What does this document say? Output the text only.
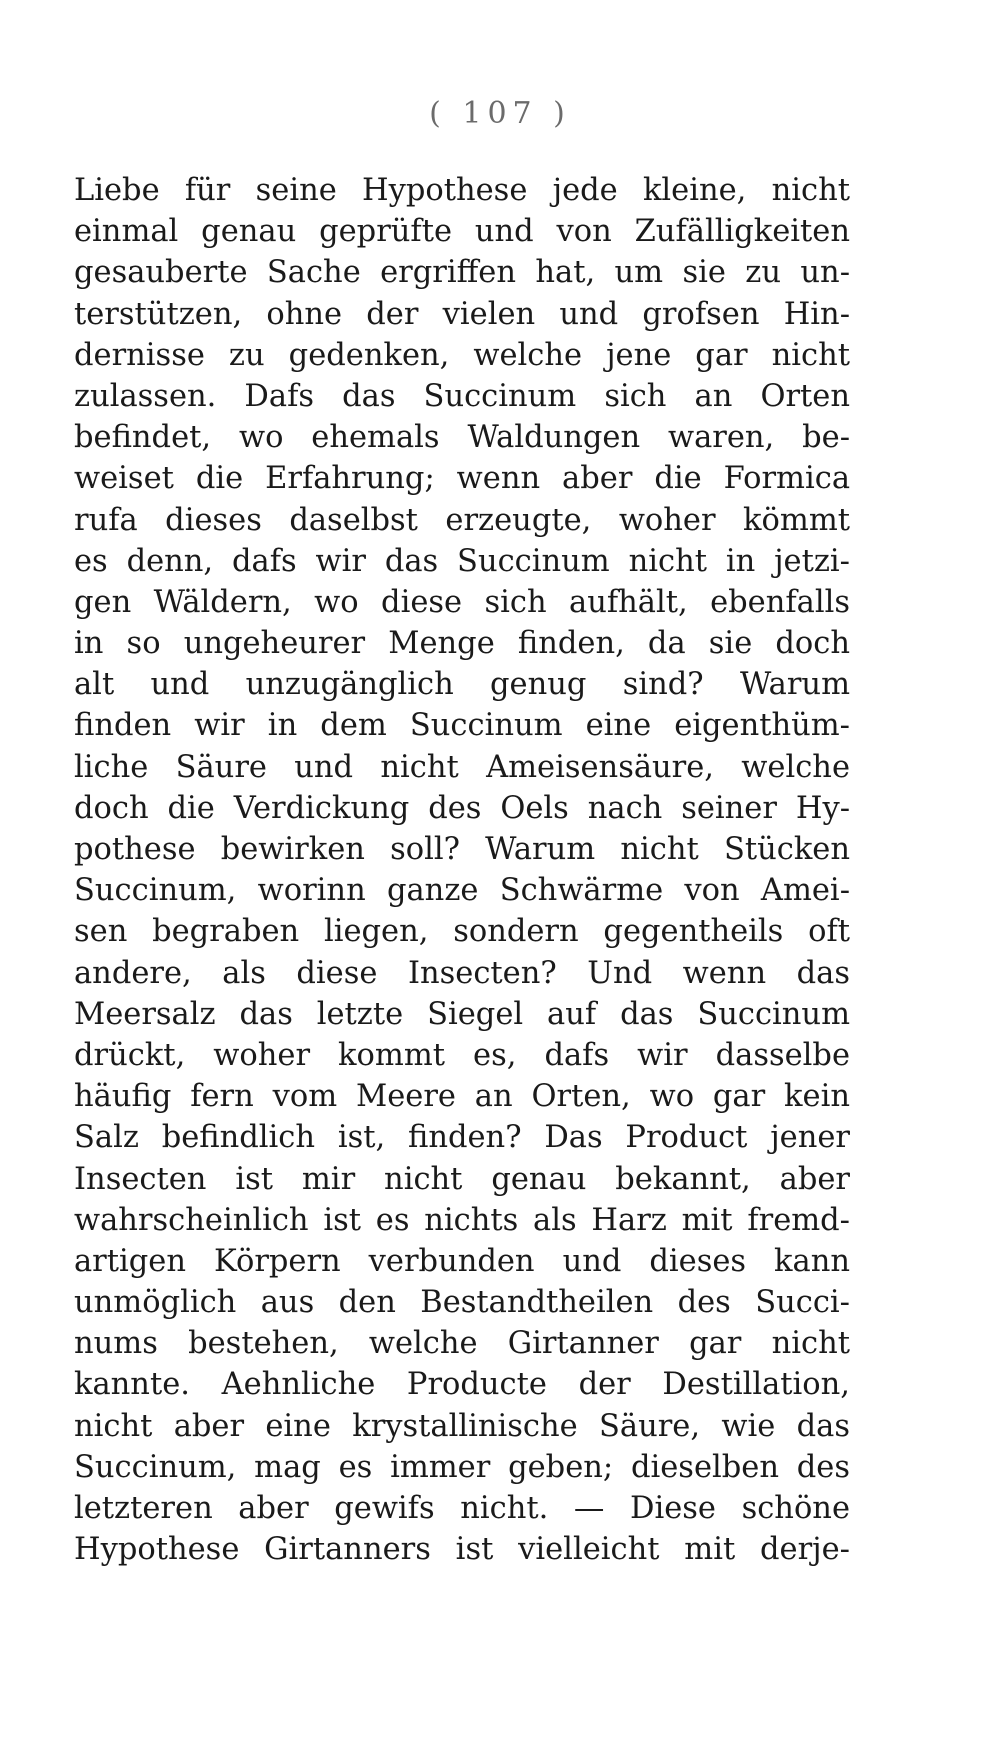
( 107 )
Liebe für seine Hypothese jede kleine, nicht
einmal genau geprüfte und von Zufälligkeiten
gesauberte Sache ergriffen hat, um sie zu un-
terstützen, ohne der vielen und grofsen Hin-
dernisse zu gedenken, welche jene gar nicht
zulassen. Dafs das Succinum sich an Orten
befindet, wo ehemals Waldungen waren, be-
weiset die Erfahrung; wenn aber die Formica
rufa dieses daselbst erzeugte, woher kömmt
es denn, dafs wir das Succinum nicht in jetzi-
gen Wäldern, wo diese sich aufhält, ebenfalls
in so ungeheurer Menge finden, da sie doch
alt und unzugänglich genug sind? Warum
finden wir in dem Succinum eine eigenthüm-
liche Säure und nicht Ameisensäure, welche
doch die Verdickung des Oels nach seiner Hy-
pothese bewirken soll? Warum nicht Stücken
Succinum, worinn ganze Schwärme von Amei-
sen begraben liegen, sondern gegentheils oft
andere, als diese Insecten? Und wenn das
Meersalz das letzte Siegel auf das Succinum
drückt, woher kommt es, dafs wir dasselbe
häufig fern vom Meere an Orten, wo gar kein
Salz befindlich ist, finden? Das Product jener
Insecten ist mir nicht genau bekannt, aber
wahrscheinlich ist es nichts als Harz mit fremd-
artigen Körpern verbunden und dieses kann
unmöglich aus den Bestandtheilen des Succi-
nums bestehen, welche Girtanner gar nicht
kannte. Aehnliche Producte der Destillation,
nicht aber eine krystallinische Säure, wie das
Succinum, mag es immer geben; dieselben des
letzteren aber gewifs nicht. — Diese schöne
Hypothese Girtanners ist vielleicht mit derje-
